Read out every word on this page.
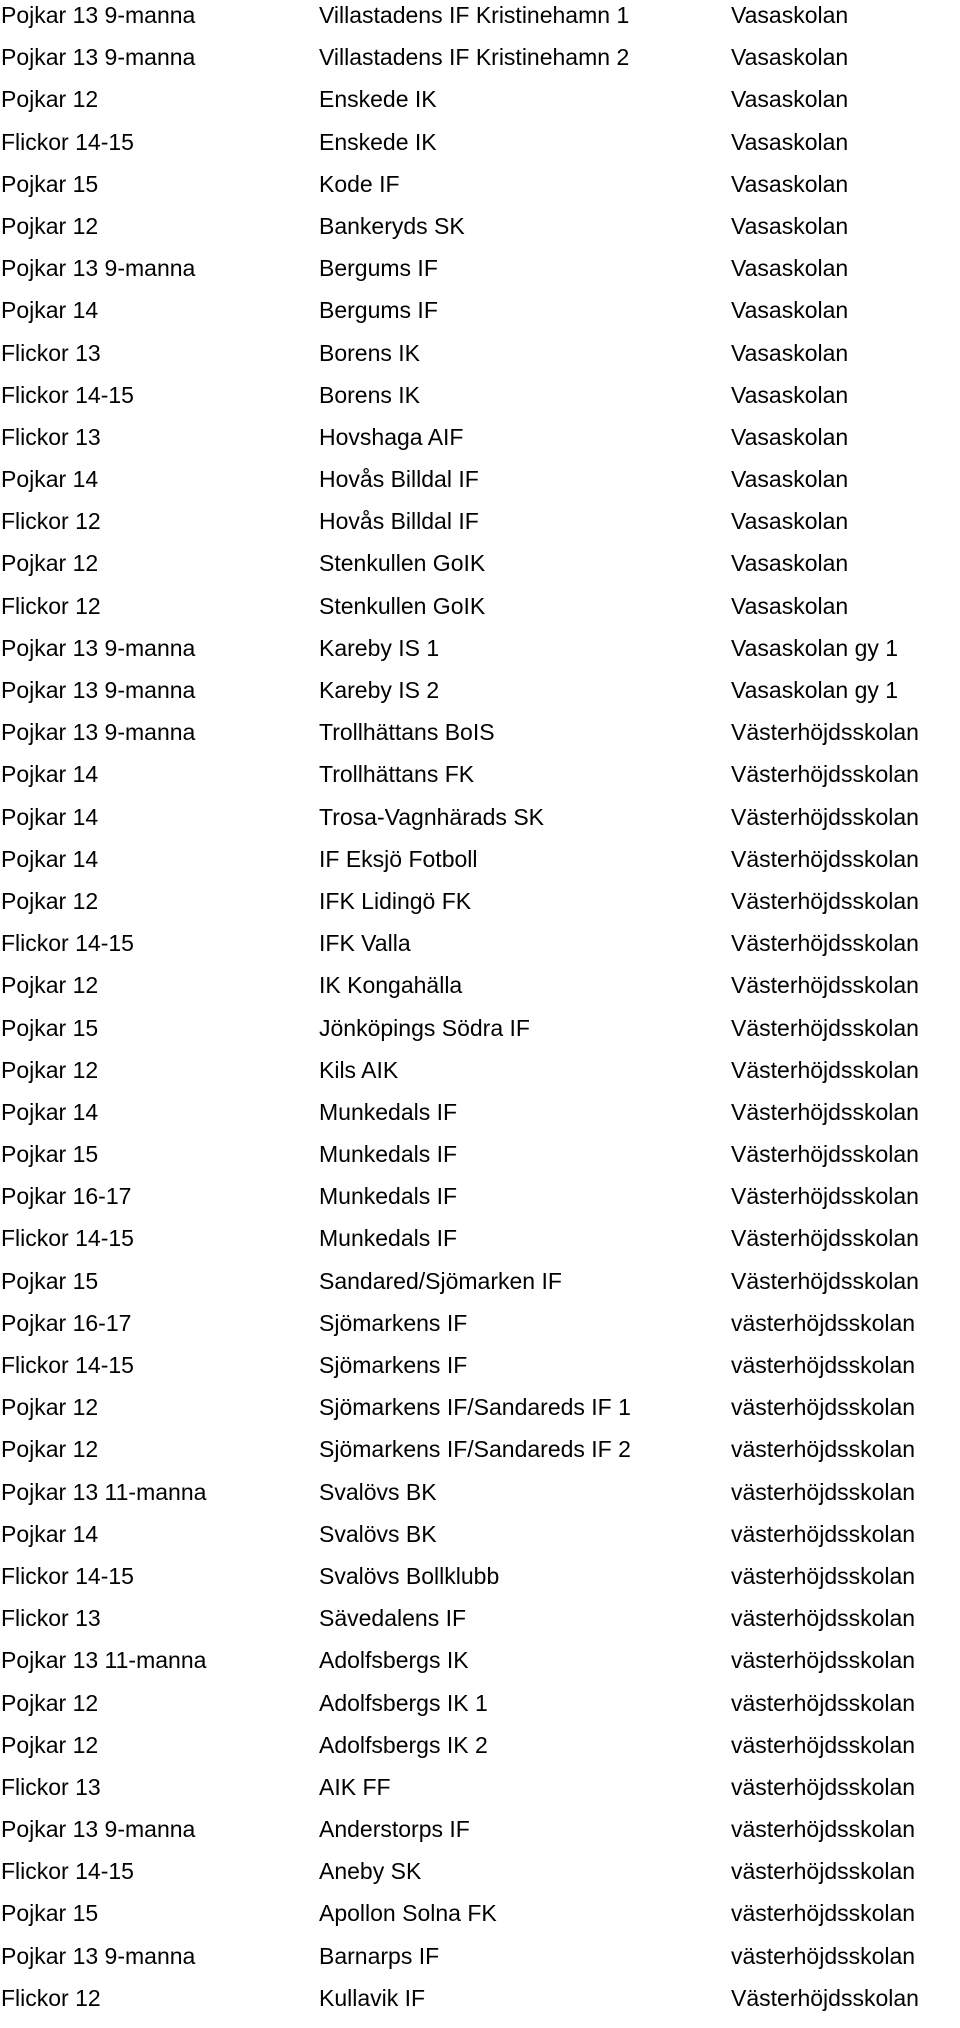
Pojkar 13 9-manna	Villastadens IF Kristinehamn 1	Vasaskolan
Pojkar 13 9-manna	Villastadens IF Kristinehamn 2	Vasaskolan
Pojkar 12	Enskede IK	Vasaskolan
Flickor 14-15	Enskede IK	Vasaskolan
Pojkar 15	Kode IF	Vasaskolan
Pojkar 12	Bankeryds SK	Vasaskolan
Pojkar 13 9-manna	Bergums IF	Vasaskolan
Pojkar 14	Bergums IF	Vasaskolan
Flickor 13	Borens IK	Vasaskolan
Flickor 14-15	Borens IK	Vasaskolan
Flickor 13	Hovshaga AIF	Vasaskolan
Pojkar 14	Hovås Billdal IF	Vasaskolan
Flickor 12	Hovås Billdal IF	Vasaskolan
Pojkar 12	Stenkullen GoIK	Vasaskolan
Flickor 12	Stenkullen GoIK	Vasaskolan
Pojkar 13 9-manna	Kareby IS 1	Vasaskolan gy 1
Pojkar 13 9-manna	Kareby IS 2	Vasaskolan gy 1
Pojkar 13 9-manna	Trollhättans BoIS	Västerhöjdsskolan
Pojkar 14	Trollhättans FK	Västerhöjdsskolan
Pojkar 14	Trosa-Vagnhärads SK	Västerhöjdsskolan
Pojkar 14	IF Eksjö Fotboll	Västerhöjdsskolan
Pojkar 12	IFK Lidingö FK	Västerhöjdsskolan
Flickor 14-15	IFK Valla	Västerhöjdsskolan
Pojkar 12	IK Kongahälla	Västerhöjdsskolan
Pojkar 15	Jönköpings Södra IF	Västerhöjdsskolan
Pojkar 12	Kils AIK	Västerhöjdsskolan
Pojkar 14	Munkedals IF	Västerhöjdsskolan
Pojkar 15	Munkedals IF	Västerhöjdsskolan
Pojkar 16-17	Munkedals IF	Västerhöjdsskolan
Flickor 14-15	Munkedals IF	Västerhöjdsskolan
Pojkar 15	Sandared/Sjömarken IF	Västerhöjdsskolan
Pojkar 16-17	Sjömarkens IF	västerhöjdsskolan
Flickor 14-15	Sjömarkens IF	västerhöjdsskolan
Pojkar 12	Sjömarkens IF/Sandareds IF 1	västerhöjdsskolan
Pojkar 12	Sjömarkens IF/Sandareds IF 2	västerhöjdsskolan
Pojkar 13 11-manna	Svalövs BK	västerhöjdsskolan
Pojkar 14	Svalövs BK	västerhöjdsskolan
Flickor 14-15	Svalövs Bollklubb	västerhöjdsskolan
Flickor 13	Sävedalens IF	västerhöjdsskolan
Pojkar 13 11-manna	Adolfsbergs IK	västerhöjdsskolan
Pojkar 12	Adolfsbergs IK 1	västerhöjdsskolan
Pojkar 12	Adolfsbergs IK 2	västerhöjdsskolan
Flickor 13	AIK FF	västerhöjdsskolan
Pojkar 13 9-manna	Anderstorps IF	västerhöjdsskolan
Flickor 14-15	Aneby SK	västerhöjdsskolan
Pojkar 15	Apollon Solna FK	västerhöjdsskolan
Pojkar 13 9-manna	Barnarps IF	västerhöjdsskolan
Flickor 12	Kullavik IF	Västerhöjdsskolan
